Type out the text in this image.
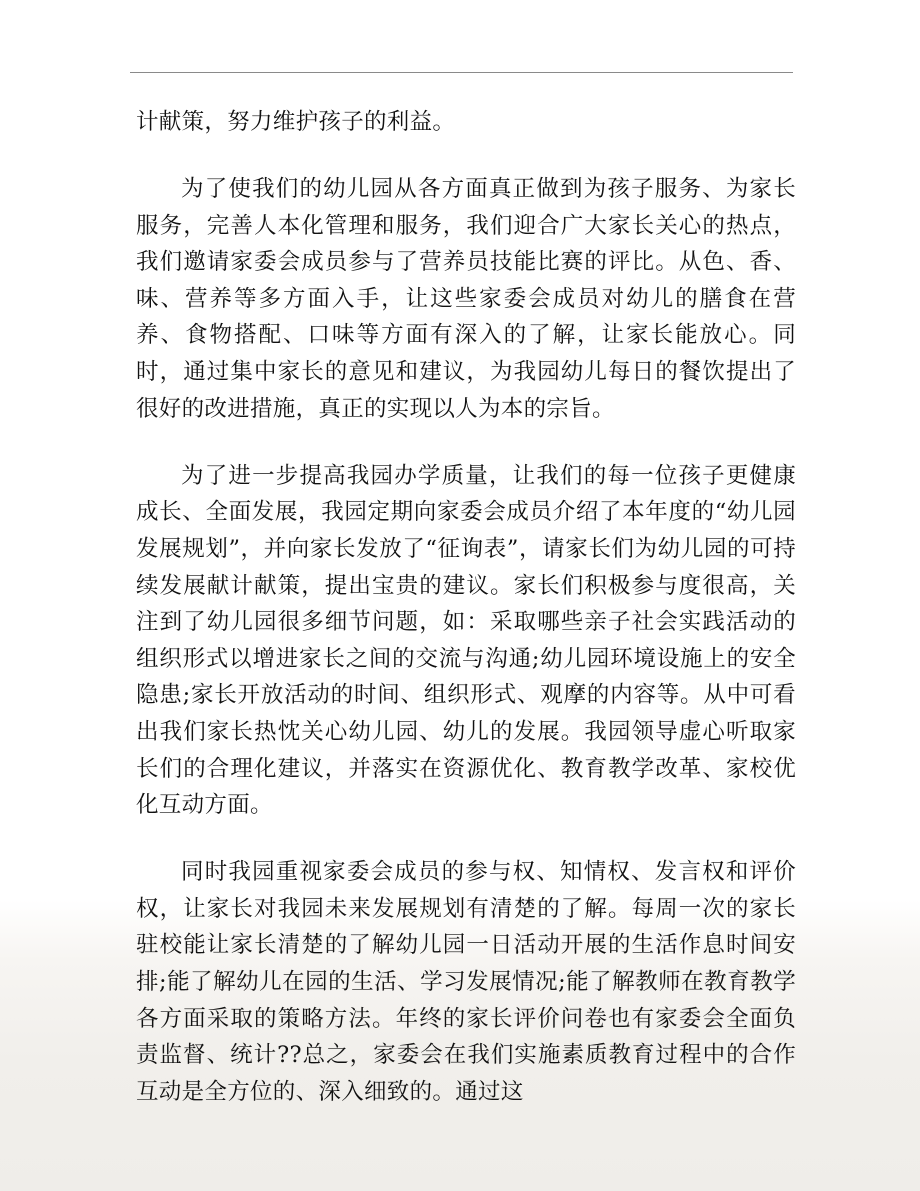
计献策，努力维护孩子的利益。

为了使我们的幼儿园从各方面真正做到为孩子服务、为家长服务，完善人本化管理和服务，我们迎合广大家长关心的热点，我们邀请家委会成员参与了营养员技能比赛的评比。从色、香、味、营养等多方面入手，让这些家委会成员对幼儿的膳食在营养、食物搭配、口味等方面有深入的了解，让家长能放心。同时，通过集中家长的意见和建议，为我园幼儿每日的餐饮提出了很好的改进措施，真正的实现以人为本的宗旨。

为了进一步提高我园办学质量，让我们的每一位孩子更健康成长、全面发展，我园定期向家委会成员介绍了本年度的“幼儿园发展规划”，并向家长发放了“征询表”，请家长们为幼儿园的可持续发展献计献策，提出宝贵的建议。家长们积极参与度很高，关注到了幼儿园很多细节问题，如：采取哪些亲子社会实践活动的组织形式以增进家长之间的交流与沟通;幼儿园环境设施上的安全隐患;家长开放活动的时间、组织形式、观摩的内容等。从中可看出我们家长热忱关心幼儿园、幼儿的发展。我园领导虚心听取家长们的合理化建议，并落实在资源优化、教育教学改革、家校优化互动方面。

同时我园重视家委会成员的参与权、知情权、发言权和评价权，让家长对我园未来发展规划有清楚的了解。每周一次的家长驻校能让家长清楚的了解幼儿园一日活动开展的生活作息时间安排;能了解幼儿在园的生活、学习发展情况;能了解教师在教育教学各方面采取的策略方法。年终的家长评价问卷也有家委会全面负责监督、统计??总之，家委会在我们实施素质教育过程中的合作互动是全方位的、深入细致的。通过这
